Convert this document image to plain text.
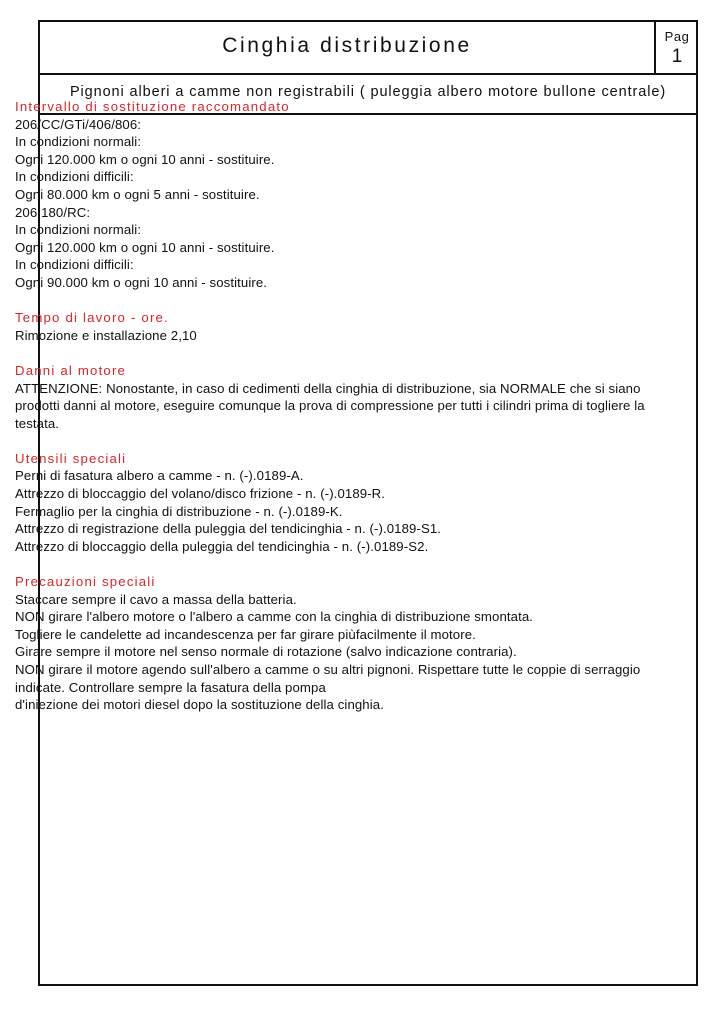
Cinghia distribuzione	Pag
1
Pignoni alberi a camme non registrabili ( puleggia albero motore bullone centrale)
Intervallo di sostituzione raccomandato
206/CC/GTi/406/806:
In condizioni normali:
Ogni 120.000 km o ogni 10 anni - sostituire.
In condizioni difficili:
Ogni 80.000 km o ogni 5 anni - sostituire.
206 180/RC:
In condizioni normali:
Ogni 120.000 km o ogni 10 anni - sostituire.
In condizioni difficili:
Ogni 90.000 km o ogni 10 anni - sostituire.
Tempo di lavoro - ore.
Rimozione e installazione 2,10
Danni al motore
ATTENZIONE: Nonostante, in caso di cedimenti della cinghia di distribuzione, sia NORMALE che si siano prodotti danni al motore, eseguire comunque la prova di compressione per tutti i cilindri prima di togliere la testata.
Utensili speciali
Perni di fasatura albero a camme - n. (-).0189-A.
Attrezzo di bloccaggio del volano/disco frizione - n. (-).0189-R.
Fermaglio per la cinghia di distribuzione - n. (-).0189-K.
Attrezzo di registrazione della puleggia del tendicinghia - n. (-).0189-S1.
Attrezzo di bloccaggio della puleggia del tendicinghia - n. (-).0189-S2.
Precauzioni speciali
Staccare sempre il cavo a massa della batteria.
NON girare l'albero motore o l'albero a camme con la cinghia di distribuzione smontata.
Togliere le candelette ad incandescenza per far girare piùfacilmente il motore.
Girare sempre il motore nel senso normale di rotazione (salvo indicazione contraria).
NON girare il motore agendo sull'albero a camme o su altri pignoni. Rispettare tutte le coppie di serraggio indicate. Controllare sempre la fasatura della pompa
d'iniezione dei motori diesel dopo la sostituzione della cinghia.
